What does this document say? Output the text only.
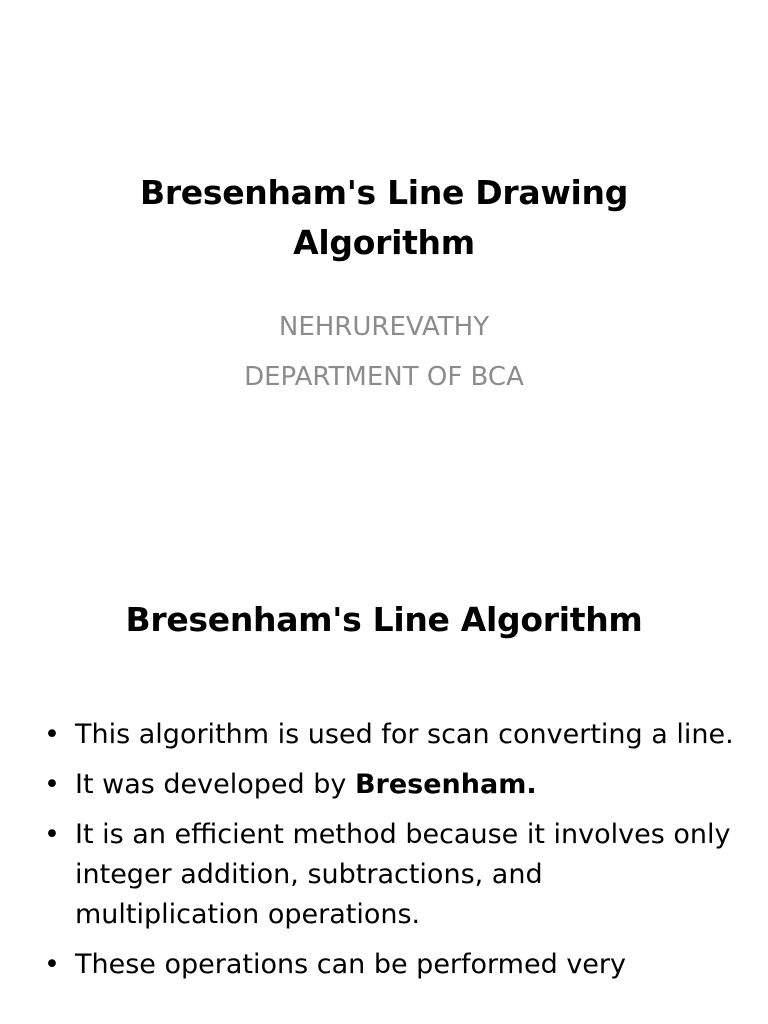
Bresenham's Line Drawing
Algorithm
NEHRUREVATHY
DEPARTMENT OF BCA
Bresenham's Line Algorithm
• This algorithm is used for scan converting a line.
• It was developed by Bresenham.
• It is an efficient method because it involves only integer addition, subtractions, and multiplication operations.
• These operations can be performed very
